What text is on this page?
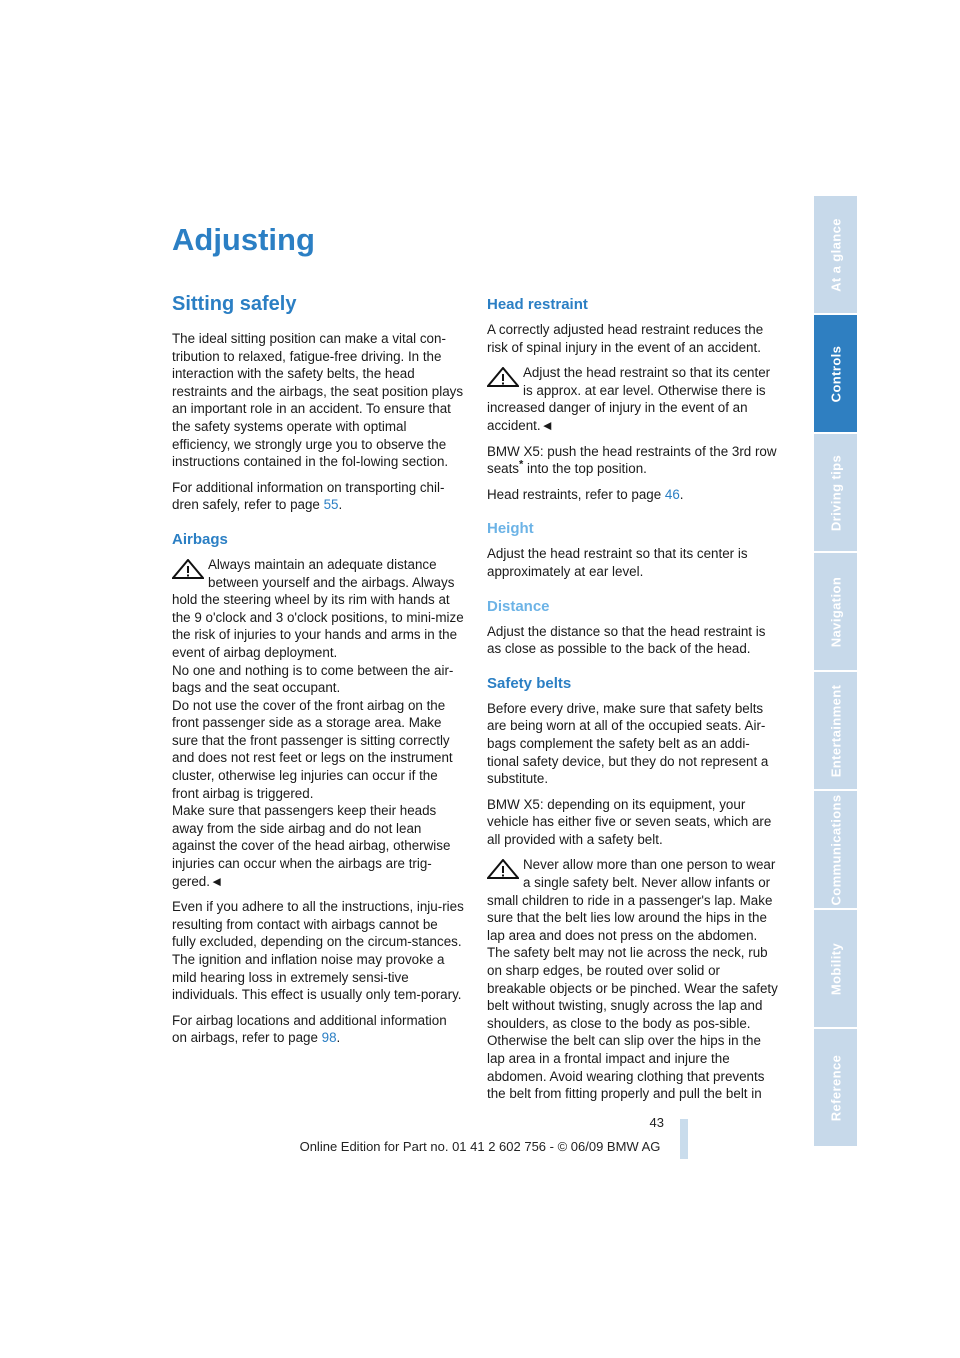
Adjusting
Sitting safely

The ideal sitting position can make a vital con-tribution to relaxed, fatigue-free driving. In the interaction with the safety belts, the head restraints and the airbags, the seat position plays an important role in an accident. To ensure that the safety systems operate with optimal efficiency, we strongly urge you to observe the instructions contained in the fol-lowing section.

For additional information on transporting chil-dren safely, refer to page 55.

Airbags
Always maintain an adequate distance between yourself and the airbags. Always hold the steering wheel by its rim with hands at the 9 o'clock and 3 o'clock positions, to mini-mize the risk of injuries to your hands and arms in the event of airbag deployment.
No one and nothing is to come between the air-bags and the seat occupant.
Do not use the cover of the front airbag on the front passenger side as a storage area. Make sure that the front passenger is sitting correctly and does not rest feet or legs on the instrument cluster, otherwise leg injuries can occur if the front airbag is triggered.
Make sure that passengers keep their heads away from the side airbag and do not lean against the cover of the head airbag, otherwise injuries can occur when the airbags are trig-gered.◄

Even if you adhere to all the instructions, inju-ries resulting from contact with airbags cannot be fully excluded, depending on the circum-stances. The ignition and inflation noise may provoke a mild hearing loss in extremely sensi-tive individuals. This effect is usually only tem-porary.

For airbag locations and additional information on airbags, refer to page 98.

Head restraint

A correctly adjusted head restraint reduces the risk of spinal injury in the event of an accident.

Adjust the head restraint so that its center is approx. at ear level. Otherwise there is increased danger of injury in the event of an accident.◄

BMW X5: push the head restraints of the 3rd row seats* into the top position.

Head restraints, refer to page 46.

Height

Adjust the head restraint so that its center is approximately at ear level.

Distance

Adjust the distance so that the head restraint is as close as possible to the back of the head.

Safety belts

Before every drive, make sure that safety belts are being worn at all of the occupied seats. Air-bags complement the safety belt as an addi-tional safety device, but they do not represent a substitute.

BMW X5: depending on its equipment, your vehicle has either five or seven seats, which are all provided with a safety belt.

Never allow more than one person to wear a single safety belt. Never allow infants or small children to ride in a passenger's lap. Make sure that the belt lies low around the hips in the lap area and does not press on the abdomen. The safety belt may not lie across the neck, rub on sharp edges, be routed over solid or breakable objects or be pinched. Wear the safety belt without twisting, snugly across the lap and shoulders, as close to the body as pos-sible. Otherwise the belt can slip over the hips in the lap area in a frontal impact and injure the abdomen. Avoid wearing clothing that prevents the belt from fitting properly and pull the belt in
At a glance
Controls
Driving tips
Navigation
Entertainment
Communications
Mobility
Reference
43
Online Edition for Part no. 01 41 2 602 756 - © 06/09 BMW AG
